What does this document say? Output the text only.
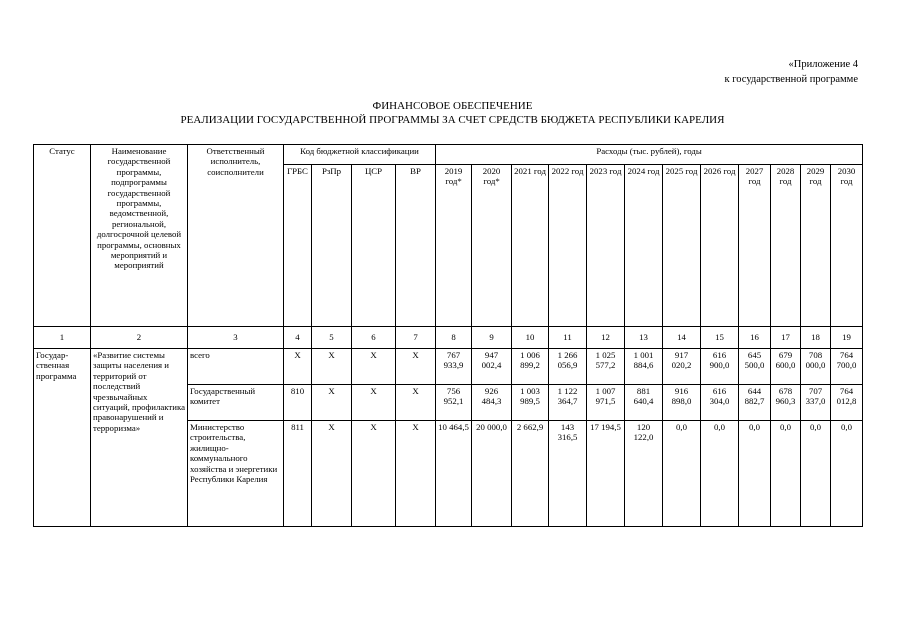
«Приложение 4
к государственной программе
ФИНАНСОВОЕ ОБЕСПЕЧЕНИЕ
РЕАЛИЗАЦИИ ГОСУДАРСТВЕННОЙ ПРОГРАММЫ ЗА СЧЕТ СРЕДСТВ БЮДЖЕТА РЕСПУБЛИКИ КАРЕЛИЯ
Статус	Наименование государственной программы, подпрограммы государственной программы, ведомственной, региональной, долгосрочной целевой программы, основных мероприятий и мероприятий	Ответственный исполнитель, соисполнители	Код бюджетной классификации				Расходы (тыс. рублей), годы											
			ГРБС	РзПр	ЦСР	ВР	2019 год*	2020 год*	2021 год	2022 год	2023 год	2024 год	2025 год	2026 год	2027 год	2028 год	2029 год	2030 год
1	2	3	4	5	6	7	8	9	10	11	12	13	14	15	16	17	18	19
Государ-ственная программа	«Развитие системы защиты населения и территорий от последствий чрезвычайных ситуаций, профилактика правонарушений и терроризма»	всего	X	X	X	X	767 933,9	947 002,4	1 006 899,2	1 266 056,9	1 025 577,2	1 001 884,6	917 020,2	616 900,0	645 500,0	679 600,0	708 000,0	764 700,0
		Государственный комитет	810	X	X	X	756 952,1	926 484,3	1 003 989,5	1 122 364,7	1 007 971,5	881 640,4	916 898,0	616 304,0	644 882,7	678 960,3	707 337,0	764 012,8
		Министерство строительства, жилищно-коммунального хозяйства и энергетики Республики Карелия	811	X	X	X	10 464,5	20 000,0	2 662,9	143 316,5	17 194,5	120 122,0	0,0	0,0	0,0	0,0	0,0	0,0
